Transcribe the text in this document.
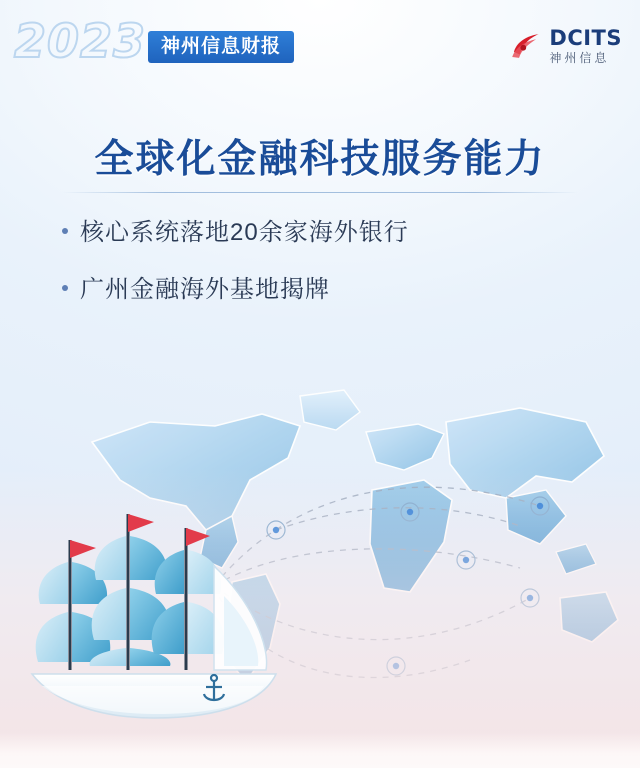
2023 神州信息财报	DCITS
神州信息
全球化金融科技服务能力
核心系统落地20余家海外银行
广州金融海外基地揭牌
